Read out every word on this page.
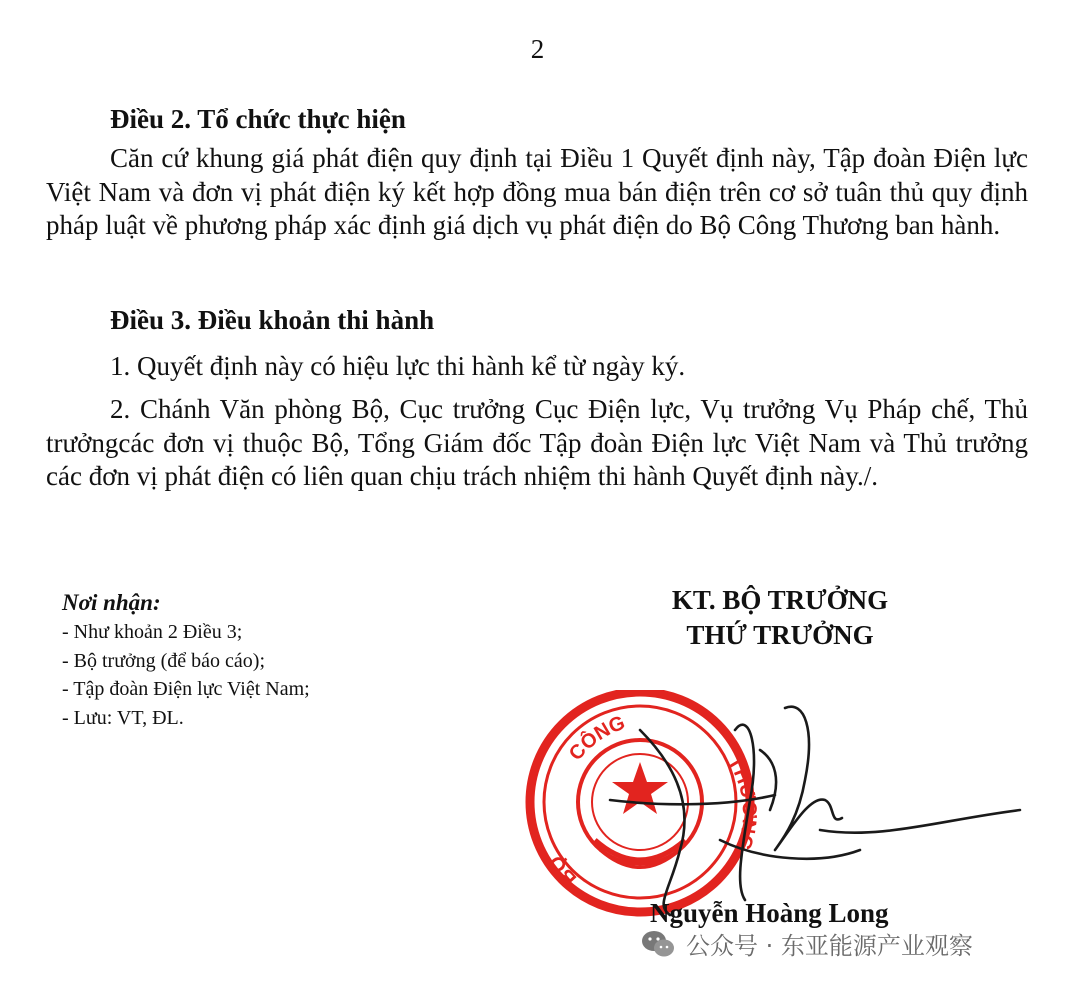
2
Điều 2. Tổ chức thực hiện
Căn cứ khung giá phát điện quy định tại Điều 1 Quyết định này, Tập đoàn Điện lực Việt Nam và đơn vị phát điện ký kết hợp đồng mua bán điện trên cơ sở tuân thủ quy định pháp luật về phương pháp xác định giá dịch vụ phát điện do Bộ Công Thương ban hành.
Điều 3. Điều khoản thi hành
1. Quyết định này có hiệu lực thi hành kể từ ngày ký.
2. Chánh Văn phòng Bộ, Cục trưởng Cục Điện lực, Vụ trưởng Vụ Pháp chế, Thủ trưởngcác đơn vị thuộc Bộ, Tổng Giám đốc Tập đoàn Điện lực Việt Nam và Thủ trưởng các đơn vị phát điện có liên quan chịu trách nhiệm thi hành Quyết định này./.
Nơi nhận:
- Như khoản 2 Điều 3;
- Bộ trưởng (để báo cáo);
- Tập đoàn Điện lực Việt Nam;
- Lưu: VT, ĐL.
KT. BỘ TRƯỞNG
THỨ TRƯỞNG
CÔNG
THƯƠNG
BỘ
Nguyễn Hoàng Long
公众号 · 东亚能源产业观察
